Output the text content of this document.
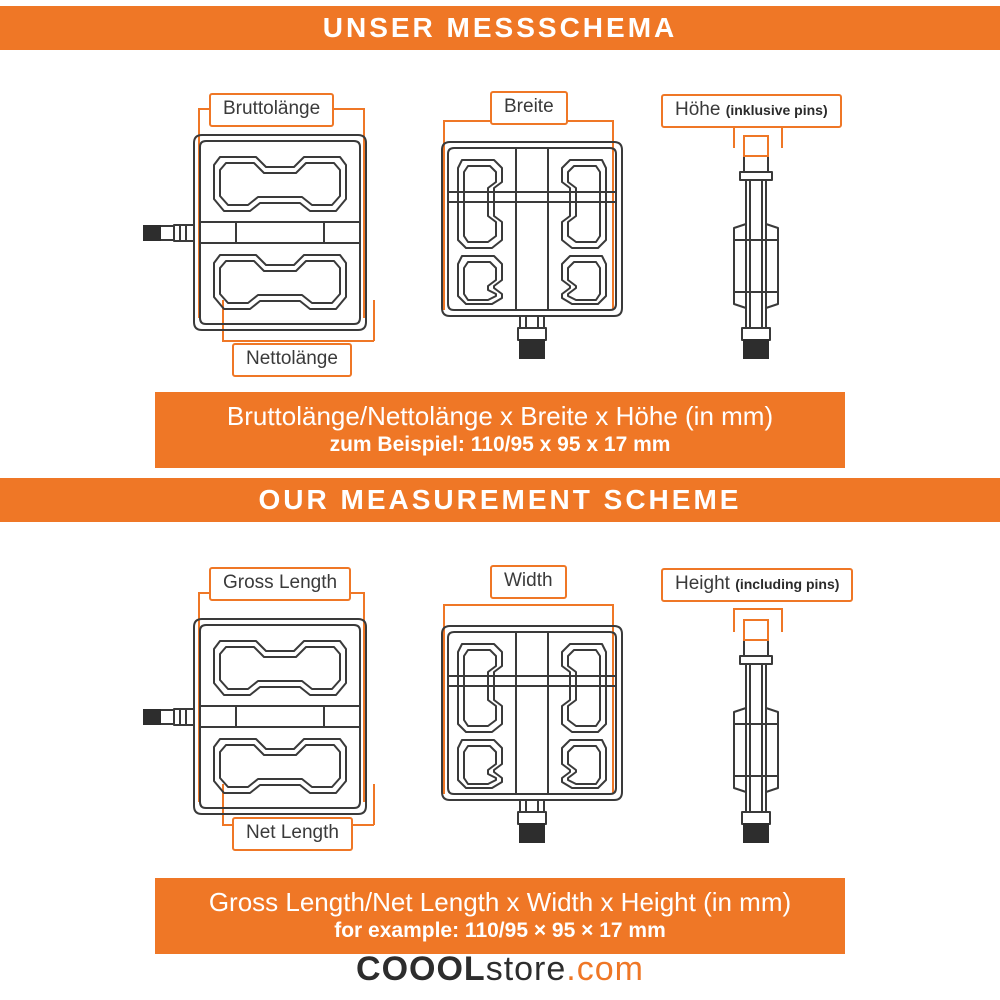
UNSER MESSSCHEMA
Bruttolänge
Nettolänge
Breite	Höhe (inklusive pins)
Bruttolänge/Nettolänge x Breite x Höhe (in mm)
zum Beispiel: 110/95 x 95 x 17 mm
OUR MEASUREMENT SCHEME
Gross Length
Net Length
Width	Height (including pins)
Gross Length/Net Length x Width x Height (in mm)
for example: 110/95 × 95 × 17 mm
COOOLstore.com
